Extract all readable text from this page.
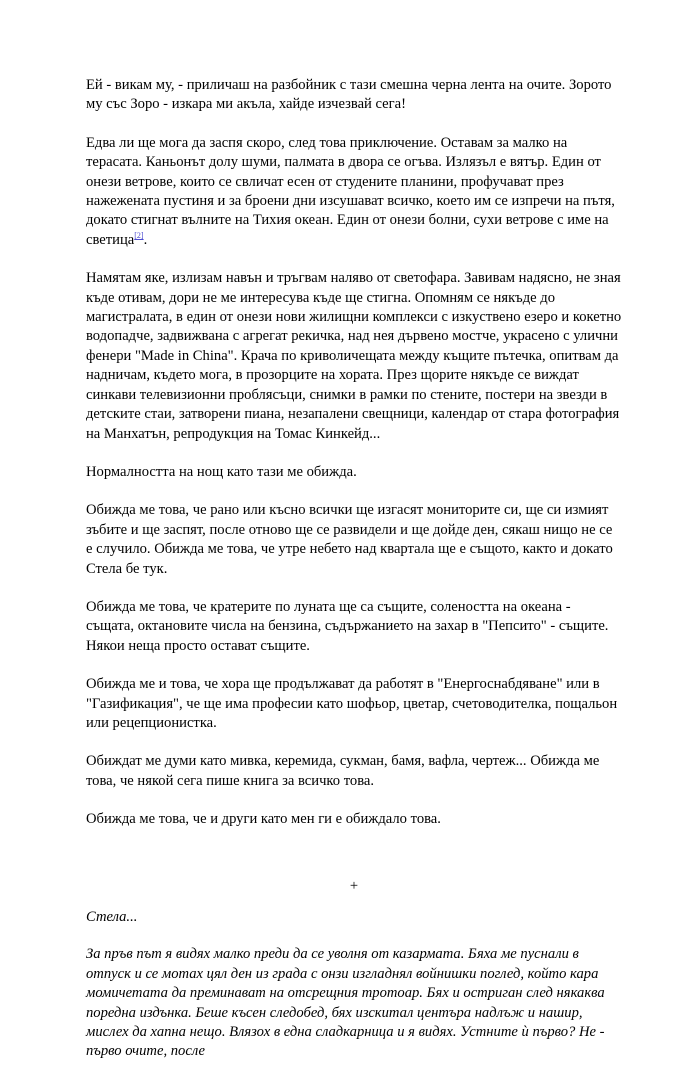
Ей - викам му, - приличаш на разбойник с тази смешна черна лента на очите. Зорото му със Зоро - изкара ми акъла, хайде изчезвай сега!

Едва ли ще мога да заспя скоро, след това приключение. Оставам за малко на терасата. Каньонът долу шуми, палмата в двора се огъва. Излязъл е вятър. Един от онези ветрове, които се свличат есен от студените планини, профучават през нажежената пустиня и за броени дни изсушават всичко, което им се изпречи на пътя, докато стигнат вълните на Тихия океан. Един от онези болни, сухи ветрове с име на светица[2].

Намятам яке, излизам навън и тръгвам наляво от светофара. Завивам надясно, не зная къде отивам, дори не ме интересува къде ще стигна. Опомням се някъде до магистралата, в един от онези нови жилищни комплекси с изкуствено езеро и кокетно водопадче, задвижвана с агрегат рекичка, над нея дървено мостче, украсено с улични фенери "Made in China". Крача по криволичещата между къщите пътечка, опитвам да надничам, където мога, в прозорците на хората. През щорите някъде се виждат синкави телевизионни проблясъци, снимки в рамки по стените, постери на звезди в детските стаи, затворени пиана, незапалени свещници, календар от стара фотография на Манхатън, репродукция на Томас Кинкейд...

Нормалността на нощ като тази ме обижда.

Обижда ме това, че рано или късно всички ще изгасят мониторите си, ще си измият зъбите и ще заспят, после отново ще се развидели и ще дойде ден, сякаш нищо не се е случило. Обижда ме това, че утре небето над квартала ще е същото, както и докато Стела бе тук.

Обижда ме това, че кратерите по луната ще са същите, солеността на океана - същата, октановите числа на бензина, съдържанието на захар в "Пепсито" - същите. Някои неща просто остават същите.

Обижда ме и това, че хора ще продължават да работят в "Енергоснабдяване" или в "Газификация", че ще има професии като шофьор, цветар, счетоводителка, пощальон или рецепционистка.

Обиждат ме думи като мивка, керемида, сукман, бамя, вафла, чертеж... Обижда ме това, че някой сега пише книга за всичко това.

Обижда ме това, че и други като мен ги е обиждало това.

+

Стела...

За пръв път я видях малко преди да се уволня от казармата. Бяха ме пуснали в отпуск и се мотах цял ден из града с онзи изгладнял войнишки поглед, който кара момичетата да преминават на отсрещния тротоар. Бях и остриган след някаква поредна издънка. Беше късен следобед, бях изскитал центъра надлъж и нашир, мислех да хапна нещо. Влязох в една сладкарница и я видях. Устните ѝ първо? Не - първо очите, после
